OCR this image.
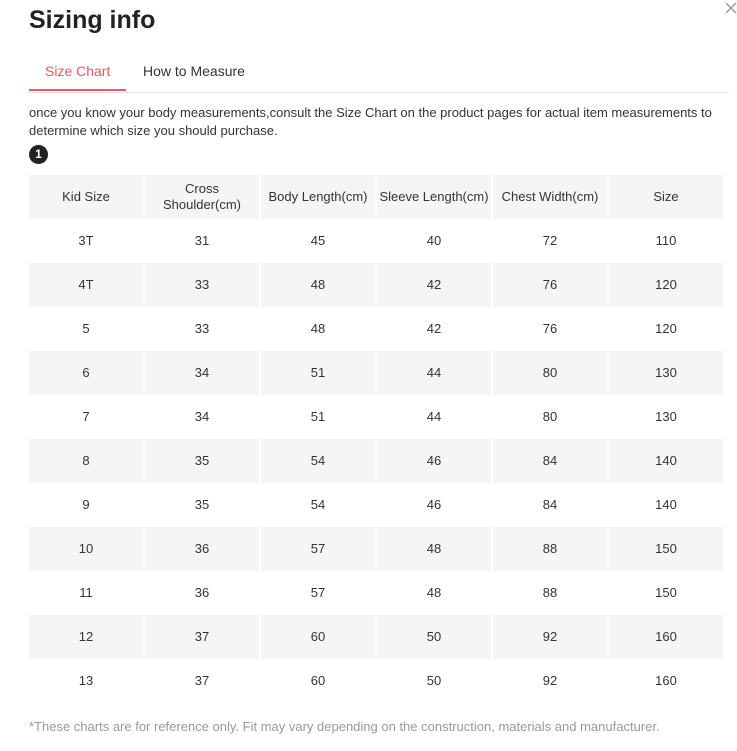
Sizing info
Size Chart How to Measure
once you know your body measurements,consult the Size Chart on the product pages for actual item measurements to determine which size you should purchase.
1
Kid Size	Cross Shoulder(cm)	Body Length(cm)	Sleeve Length(cm)	Chest Width(cm)	Size
3T	31	45	40	72	110
4T	33	48	42	76	120
5	33	48	42	76	120
6	34	51	44	80	130
7	34	51	44	80	130
8	35	54	46	84	140
9	35	54	46	84	140
10	36	57	48	88	150
11	36	57	48	88	150
12	37	60	50	92	160
13	37	60	50	92	160
*These charts are for reference only. Fit may vary depending on the construction, materials and manufacturer.
